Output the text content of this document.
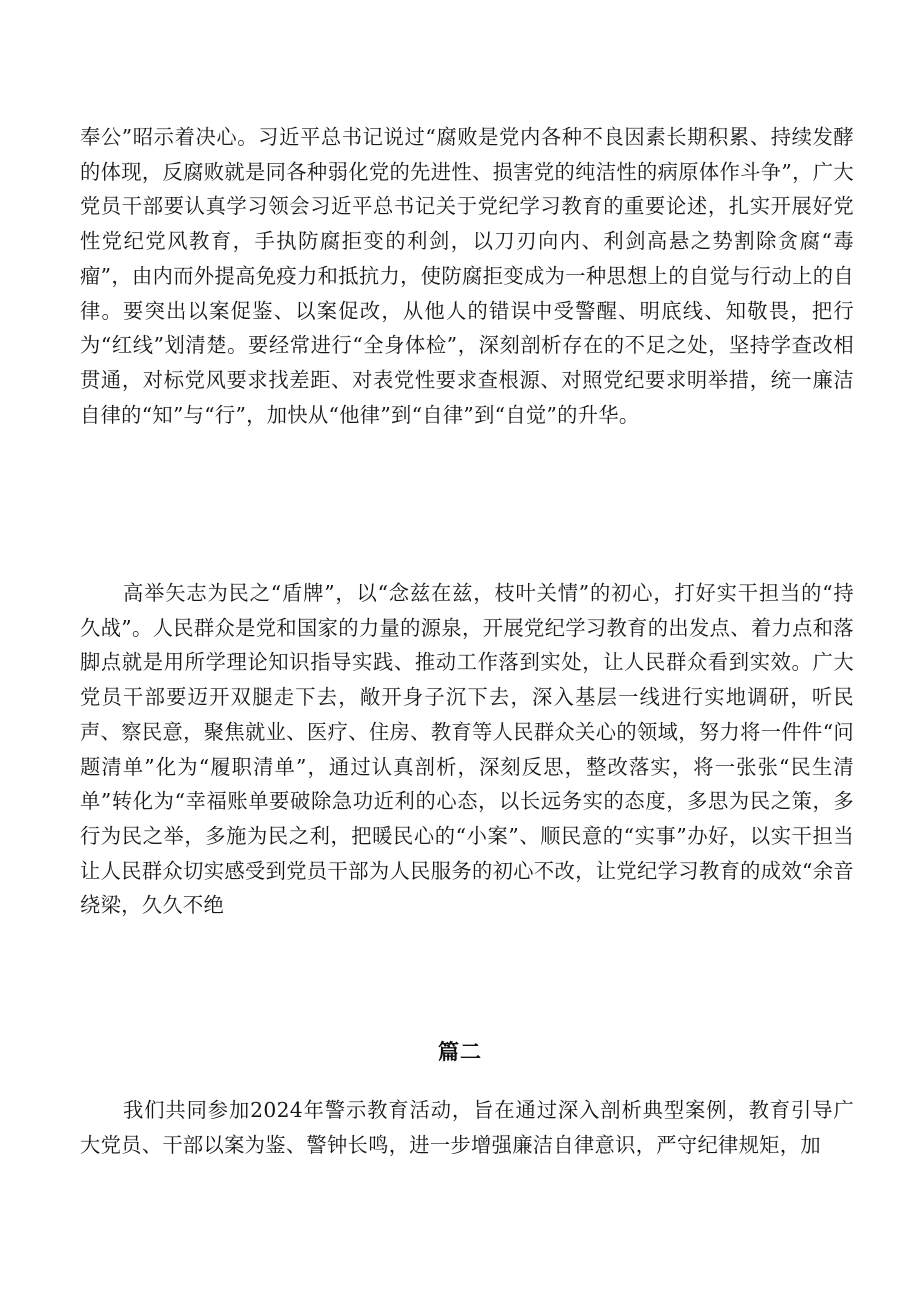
奉公”昭示着决心。习近平总书记说过“腐败是党内各种不良因素长期积累、持续发酵的体现，反腐败就是同各种弱化党的先进性、损害党的纯洁性的病原体作斗争”，广大党员干部要认真学习领会习近平总书记关于党纪学习教育的重要论述，扎实开展好党性党纪党风教育，手执防腐拒变的利剑，以刀刃向内、利剑高悬之势割除贪腐“毒瘤”，由内而外提高免疫力和抵抗力，使防腐拒变成为一种思想上的自觉与行动上的自律。要突出以案促鉴、以案促改，从他人的错误中受警醒、明底线、知敬畏，把行为“红线”划清楚。要经常进行“全身体检”，深刻剖析存在的不足之处，坚持学查改相贯通，对标党风要求找差距、对表党性要求查根源、对照党纪要求明举措，统一廉洁自律的“知”与“行”，加快从“他律”到“自律”到“自觉”的升华。

高举矢志为民之“盾牌”，以“念兹在兹，枝叶关情”的初心，打好实干担当的“持久战”。人民群众是党和国家的力量的源泉，开展党纪学习教育的出发点、着力点和落脚点就是用所学理论知识指导实践、推动工作落到实处，让人民群众看到实效。广大党员干部要迈开双腿走下去，敞开身子沉下去，深入基层一线进行实地调研，听民声、察民意，聚焦就业、医疗、住房、教育等人民群众关心的领域，努力将一件件“问题清单”化为“履职清单”，通过认真剖析，深刻反思，整改落实，将一张张“民生清单”转化为“幸福账单要破除急功近利的心态，以长远务实的态度，多思为民之策，多行为民之举，多施为民之利，把暖民心的“小案”、顺民意的“实事”办好，以实干担当让人民群众切实感受到党员干部为人民服务的初心不改，让党纪学习教育的成效“余音绕梁，久久不绝

篇二

我们共同参加2024年警示教育活动，旨在通过深入剖析典型案例，教育引导广大党员、干部以案为鉴、警钟长鸣，进一步增强廉洁自律意识，严守纪律规矩，加
